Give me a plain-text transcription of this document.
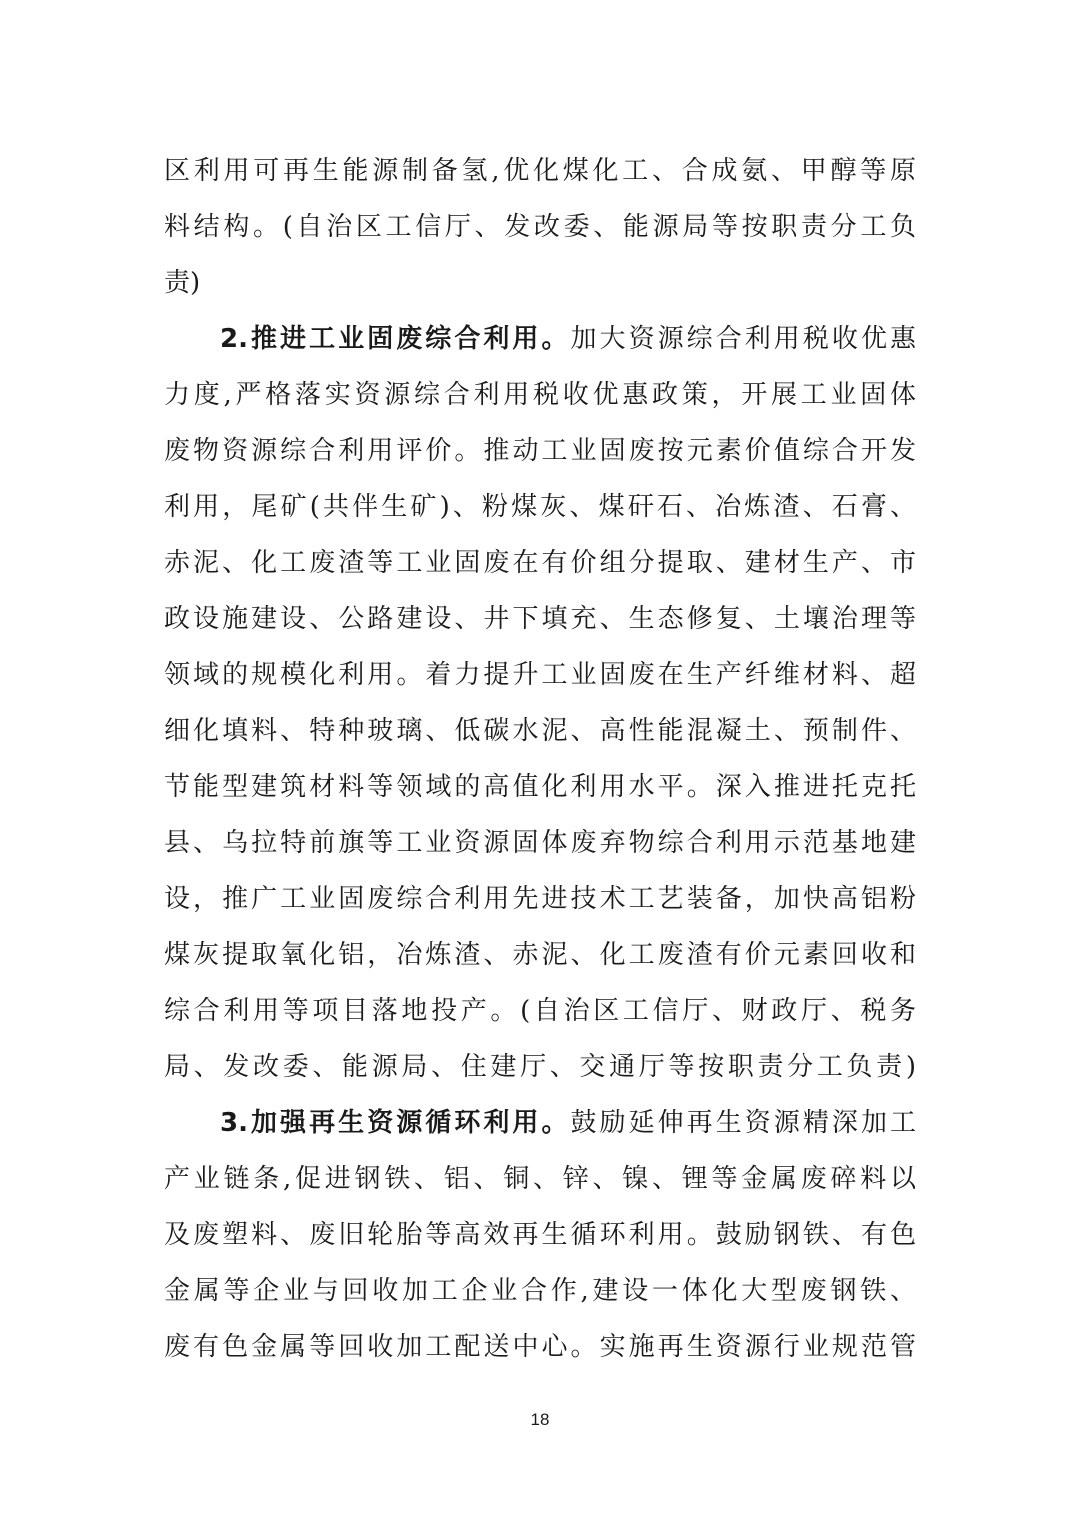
区利用可再生能源制备氢,优化煤化工、合成氨、甲醇等原
料结构。(自治区工信厅、发改委、能源局等按职责分工负
责)
2.推进工业固废综合利用。加大资源综合利用税收优惠
力度,严格落实资源综合利用税收优惠政策，开展工业固体
废物资源综合利用评价。推动工业固废按元素价值综合开发
利用，尾矿(共伴生矿)、粉煤灰、煤矸石、冶炼渣、石膏、
赤泥、化工废渣等工业固废在有价组分提取、建材生产、市
政设施建设、公路建设、井下填充、生态修复、土壤治理等
领域的规模化利用。着力提升工业固废在生产纤维材料、超
细化填料、特种玻璃、低碳水泥、高性能混凝土、预制件、
节能型建筑材料等领域的高值化利用水平。深入推进托克托
县、乌拉特前旗等工业资源固体废弃物综合利用示范基地建
设，推广工业固废综合利用先进技术工艺装备，加快高铝粉
煤灰提取氧化铝，冶炼渣、赤泥、化工废渣有价元素回收和
综合利用等项目落地投产。(自治区工信厅、财政厅、税务
局、发改委、能源局、住建厅、交通厅等按职责分工负责)
3.加强再生资源循环利用。鼓励延伸再生资源精深加工
产业链条,促进钢铁、铝、铜、锌、镍、锂等金属废碎料以
及废塑料、废旧轮胎等高效再生循环利用。鼓励钢铁、有色
金属等企业与回收加工企业合作,建设一体化大型废钢铁、
废有色金属等回收加工配送中心。实施再生资源行业规范管
18
